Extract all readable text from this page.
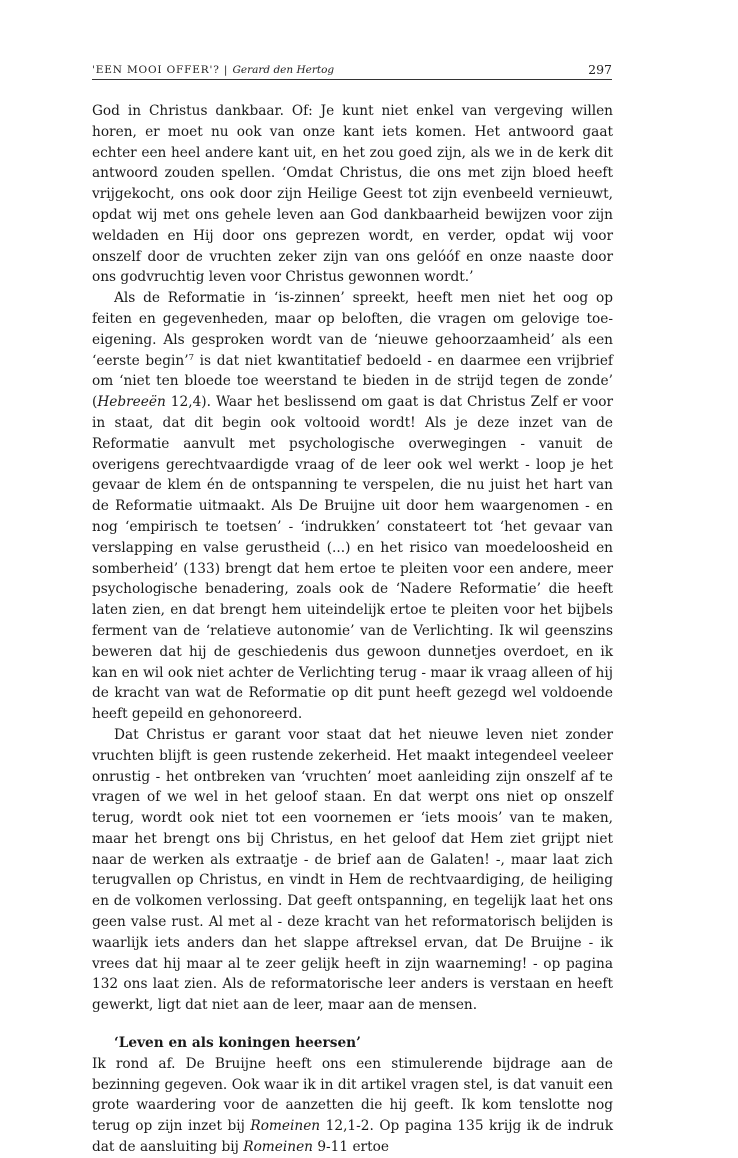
'EEN MOOI OFFER'? | Gerard den Hertog	297

God in Christus dankbaar. Of: Je kunt niet enkel van vergeving willen horen, er moet nu ook van onze kant iets komen. Het antwoord gaat echter een heel andere kant uit, en het zou goed zijn, als we in de kerk dit antwoord zouden spellen. ‘Omdat Christus, die ons met zijn bloed heeft vrijgekocht, ons ook door zijn Heilige Geest tot zijn evenbeeld vernieuwt, opdat wij met ons gehele leven aan God dankbaarheid bewijzen voor zijn weldaden en Hij door ons geprezen wordt, en verder, opdat wij voor onszelf door de vruchten zeker zijn van ons gelóóf en onze naaste door ons godvruchtig leven voor Christus gewonnen wordt.’

Als de Reformatie in ‘is-zinnen’ spreekt, heeft men niet het oog op feiten en gegevenheden, maar op beloften, die vragen om gelovige toe-eigening. Als gesproken wordt van de ‘nieuwe gehoorzaamheid’ als een ‘eerste begin’$^7$ is dat niet kwantitatief bedoeld - en daarmee een vrijbrief om ‘niet ten bloede toe weerstand te bieden in de strijd tegen de zonde’ (Hebreeën 12,4). Waar het beslissend om gaat is dat Christus Zelf er voor in staat, dat dit begin ook voltooid wordt! Als je deze inzet van de Reformatie aanvult met psychologische overwegingen - vanuit de overigens gerechtvaardigde vraag of de leer ook wel werkt - loop je het gevaar de klem én de ontspanning te verspelen, die nu juist het hart van de Reformatie uitmaakt. Als De Bruijne uit door hem waargenomen - en nog ‘empirisch te toetsen’ - ‘indrukken’ constateert tot ‘het gevaar van verslapping en valse gerustheid (...) en het risico van moedeloosheid en somberheid’ (133) brengt dat hem ertoe te pleiten voor een andere, meer psychologische benadering, zoals ook de ‘Nadere Reformatie’ die heeft laten zien, en dat brengt hem uiteindelijk ertoe te pleiten voor het bijbels ferment van de ‘relatieve autonomie’ van de Verlichting. Ik wil geenszins beweren dat hij de geschiedenis dus gewoon dunnetjes overdoet, en ik kan en wil ook niet achter de Verlichting terug - maar ik vraag alleen of hij de kracht van wat de Reformatie op dit punt heeft gezegd wel voldoende heeft gepeild en gehonoreerd.

Dat Christus er garant voor staat dat het nieuwe leven niet zonder vruchten blijft is geen rustende zekerheid. Het maakt integendeel veeleer onrustig - het ontbreken van ‘vruchten’ moet aanleiding zijn onszelf af te vragen of we wel in het geloof staan. En dat werpt ons niet op onszelf terug, wordt ook niet tot een voornemen er ‘iets moois’ van te maken, maar het brengt ons bij Christus, en het geloof dat Hem ziet grijpt niet naar de werken als extraatje - de brief aan de Galaten! -, maar laat zich terugvallen op Christus, en vindt in Hem de rechtvaardiging, de heiliging en de volkomen verlossing. Dat geeft ontspanning, en tegelijk laat het ons geen valse rust. Al met al - deze kracht van het reformatorisch belijden is waarlijk iets anders dan het slappe aftreksel ervan, dat De Bruijne - ik vrees dat hij maar al te zeer gelijk heeft in zijn waarneming! - op pagina 132 ons laat zien. Als de reformatorische leer anders is verstaan en heeft gewerkt, ligt dat niet aan de leer, maar aan de mensen.

‘Leven en als koningen heersen’

Ik rond af. De Bruijne heeft ons een stimulerende bijdrage aan de bezinning gegeven. Ook waar ik in dit artikel vragen stel, is dat vanuit een grote waardering voor de aanzetten die hij geeft. Ik kom tenslotte nog terug op zijn inzet bij Romeinen 12,1-2. Op pagina 135 krijg ik de indruk dat de aansluiting bij Romeinen 9-11 ertoe
